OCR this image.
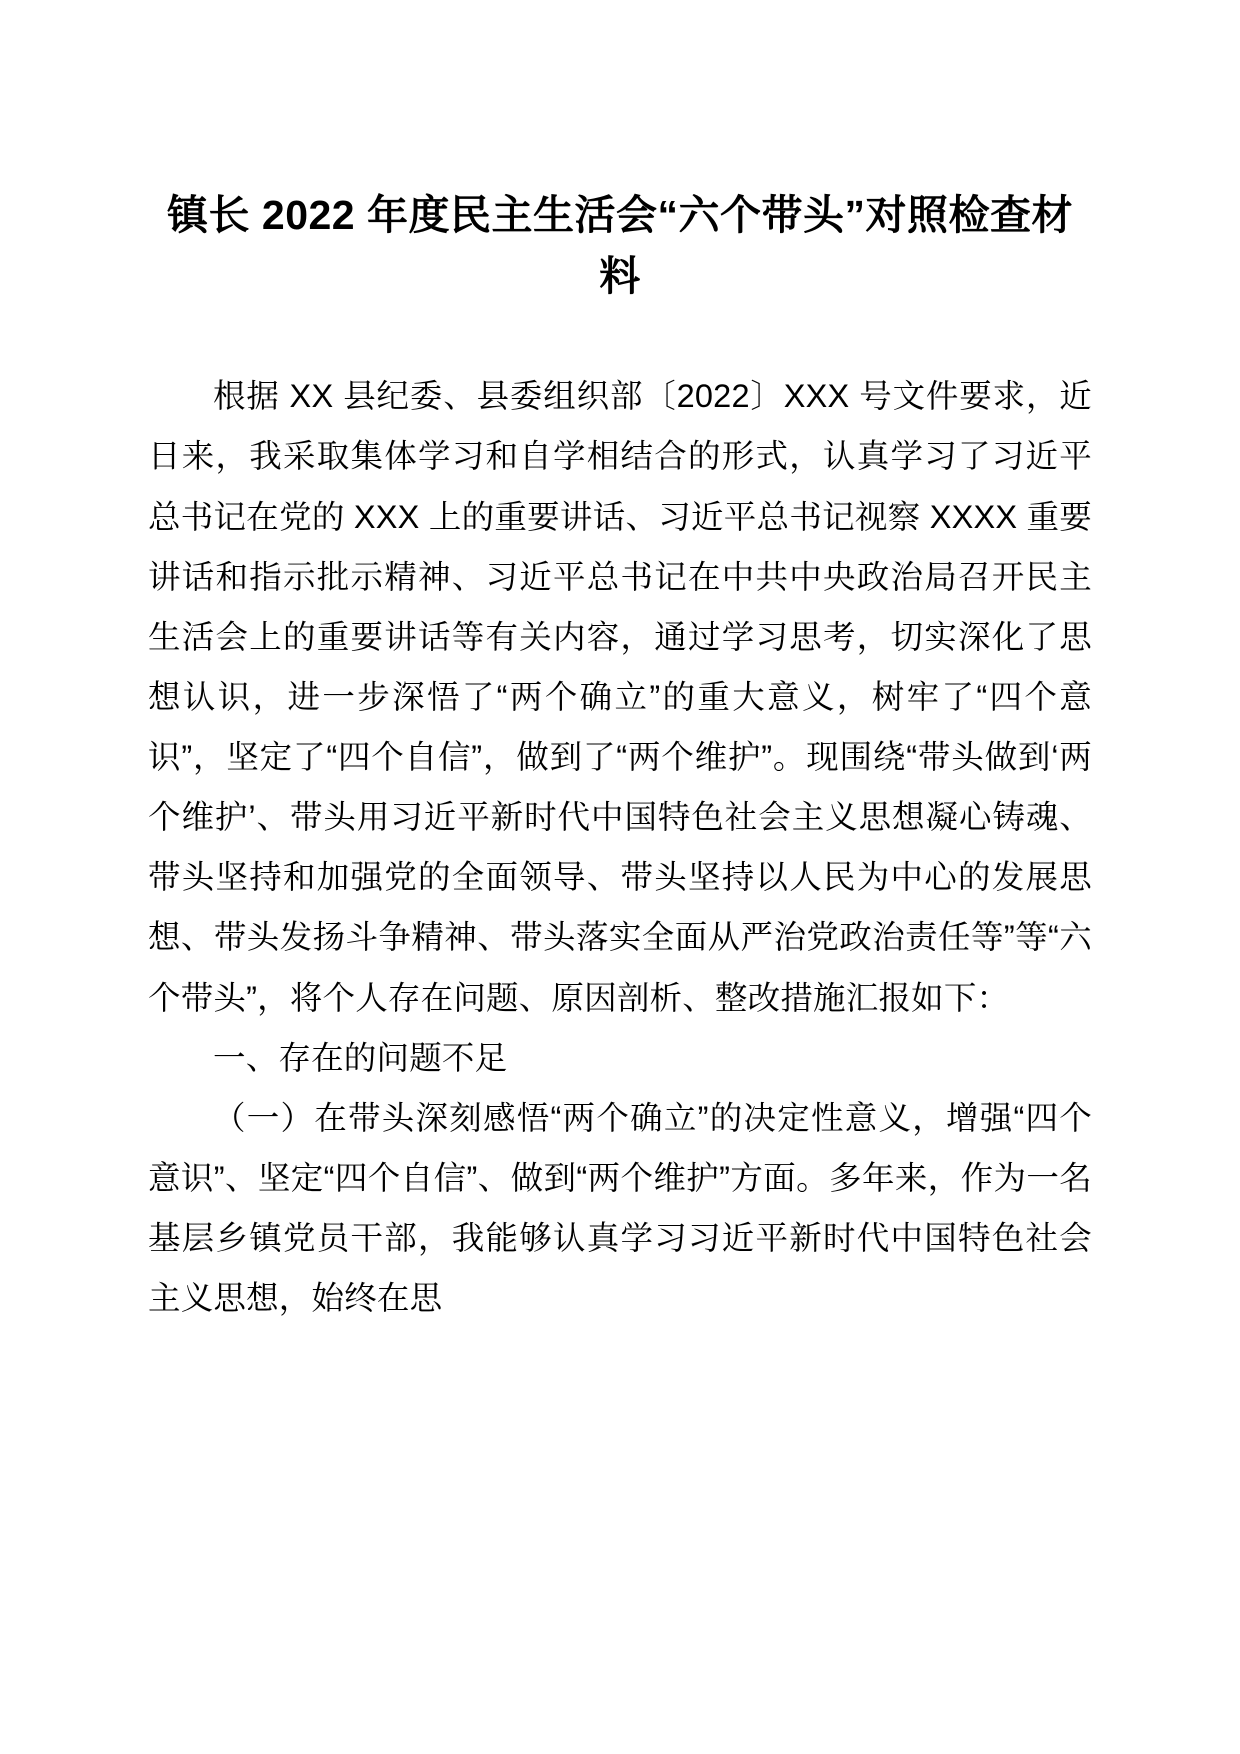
镇长 2022 年度民主生活会“六个带头”对照检查材料

根据 XX 县纪委、县委组织部〔2022〕XXX 号文件要求，近日来，我采取集体学习和自学相结合的形式，认真学习了习近平总书记在党的 XXX 上的重要讲话、习近平总书记视察 XXXX 重要讲话和指示批示精神、习近平总书记在中共中央政治局召开民主生活会上的重要讲话等有关内容，通过学习思考，切实深化了思想认识，进一步深悟了“两个确立”的重大意义，树牢了“四个意识”，坚定了“四个自信”，做到了“两个维护”。现围绕“带头做到‘两个维护’、带头用习近平新时代中国特色社会主义思想凝心铸魂、带头坚持和加强党的全面领导、带头坚持以人民为中心的发展思想、带头发扬斗争精神、带头落实全面从严治党政治责任等”等“六个带头”，将个人存在问题、原因剖析、整改措施汇报如下：

一、存在的问题不足

（一）在带头深刻感悟“两个确立”的决定性意义，增强“四个意识”、坚定“四个自信”、做到“两个维护”方面。多年来，作为一名基层乡镇党员干部，我能够认真学习习近平新时代中国特色社会主义思想，始终在思
